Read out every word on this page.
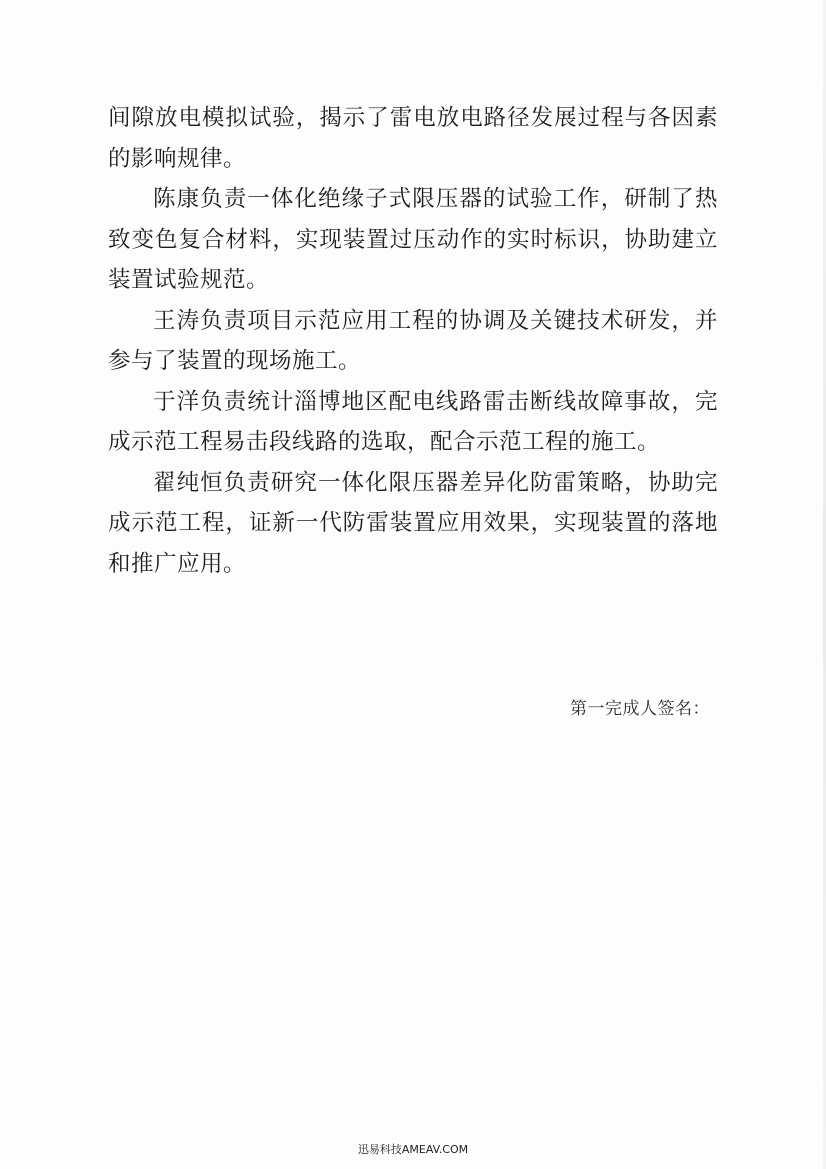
间隙放电模拟试验，揭示了雷电放电路径发展过程与各因素的影响规律。

陈康负责一体化绝缘子式限压器的试验工作，研制了热致变色复合材料，实现装置过压动作的实时标识，协助建立装置试验规范。

王涛负责项目示范应用工程的协调及关键技术研发，并参与了装置的现场施工。

于洋负责统计淄博地区配电线路雷击断线故障事故，完成示范工程易击段线路的选取，配合示范工程的施工。

翟纯恒负责研究一体化限压器差异化防雷策略，协助完成示范工程，证新一代防雷装置应用效果，实现装置的落地和推广应用。

第一完成人签名：
迅易科技AMEAV.COM
